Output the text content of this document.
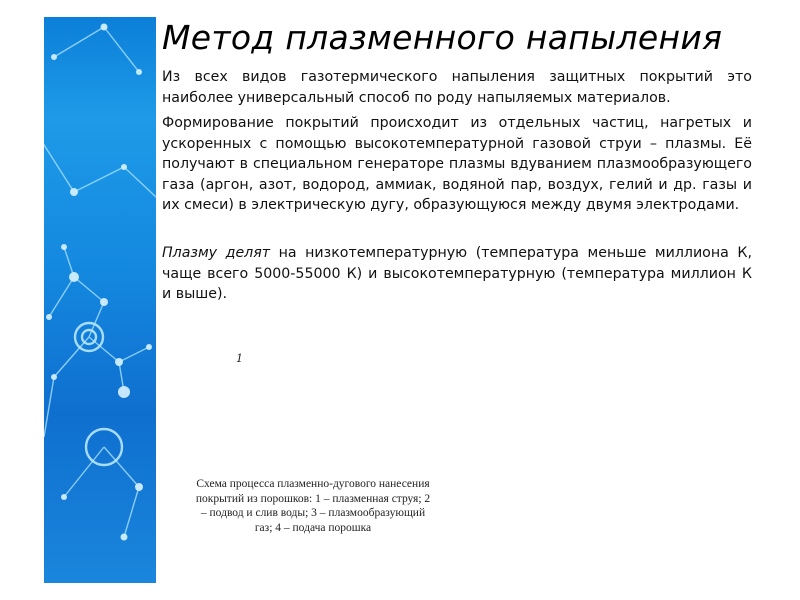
Метод плазменного напыления

Из всех видов газотермического напыления защитных покрытий это наиболее универсальный способ по роду напыляемых материалов.

Формирование покрытий происходит из отдельных частиц, нагретых и ускоренных с помощью высокотемпературной газовой струи – плазмы. Её получают в специальном генераторе плазмы вдуванием плазмообразующего газа (аргон, азот, водород, аммиак, водяной пар, воздух, гелий и др. газы и их смеси) в электрическую дугу, образующуюся между двумя электродами.

Плазму делят на низкотемпературную (температура меньше миллиона К, чаще всего 5000-55000 К) и высокотемпературную (температура миллион К и выше).

1
Схема процесса плазменно-дугового нанесения покрытий из порошков: 1 – плазменная струя; 2 – подвод и слив воды; 3 – плазмообразующий газ; 4 – подача порошка
